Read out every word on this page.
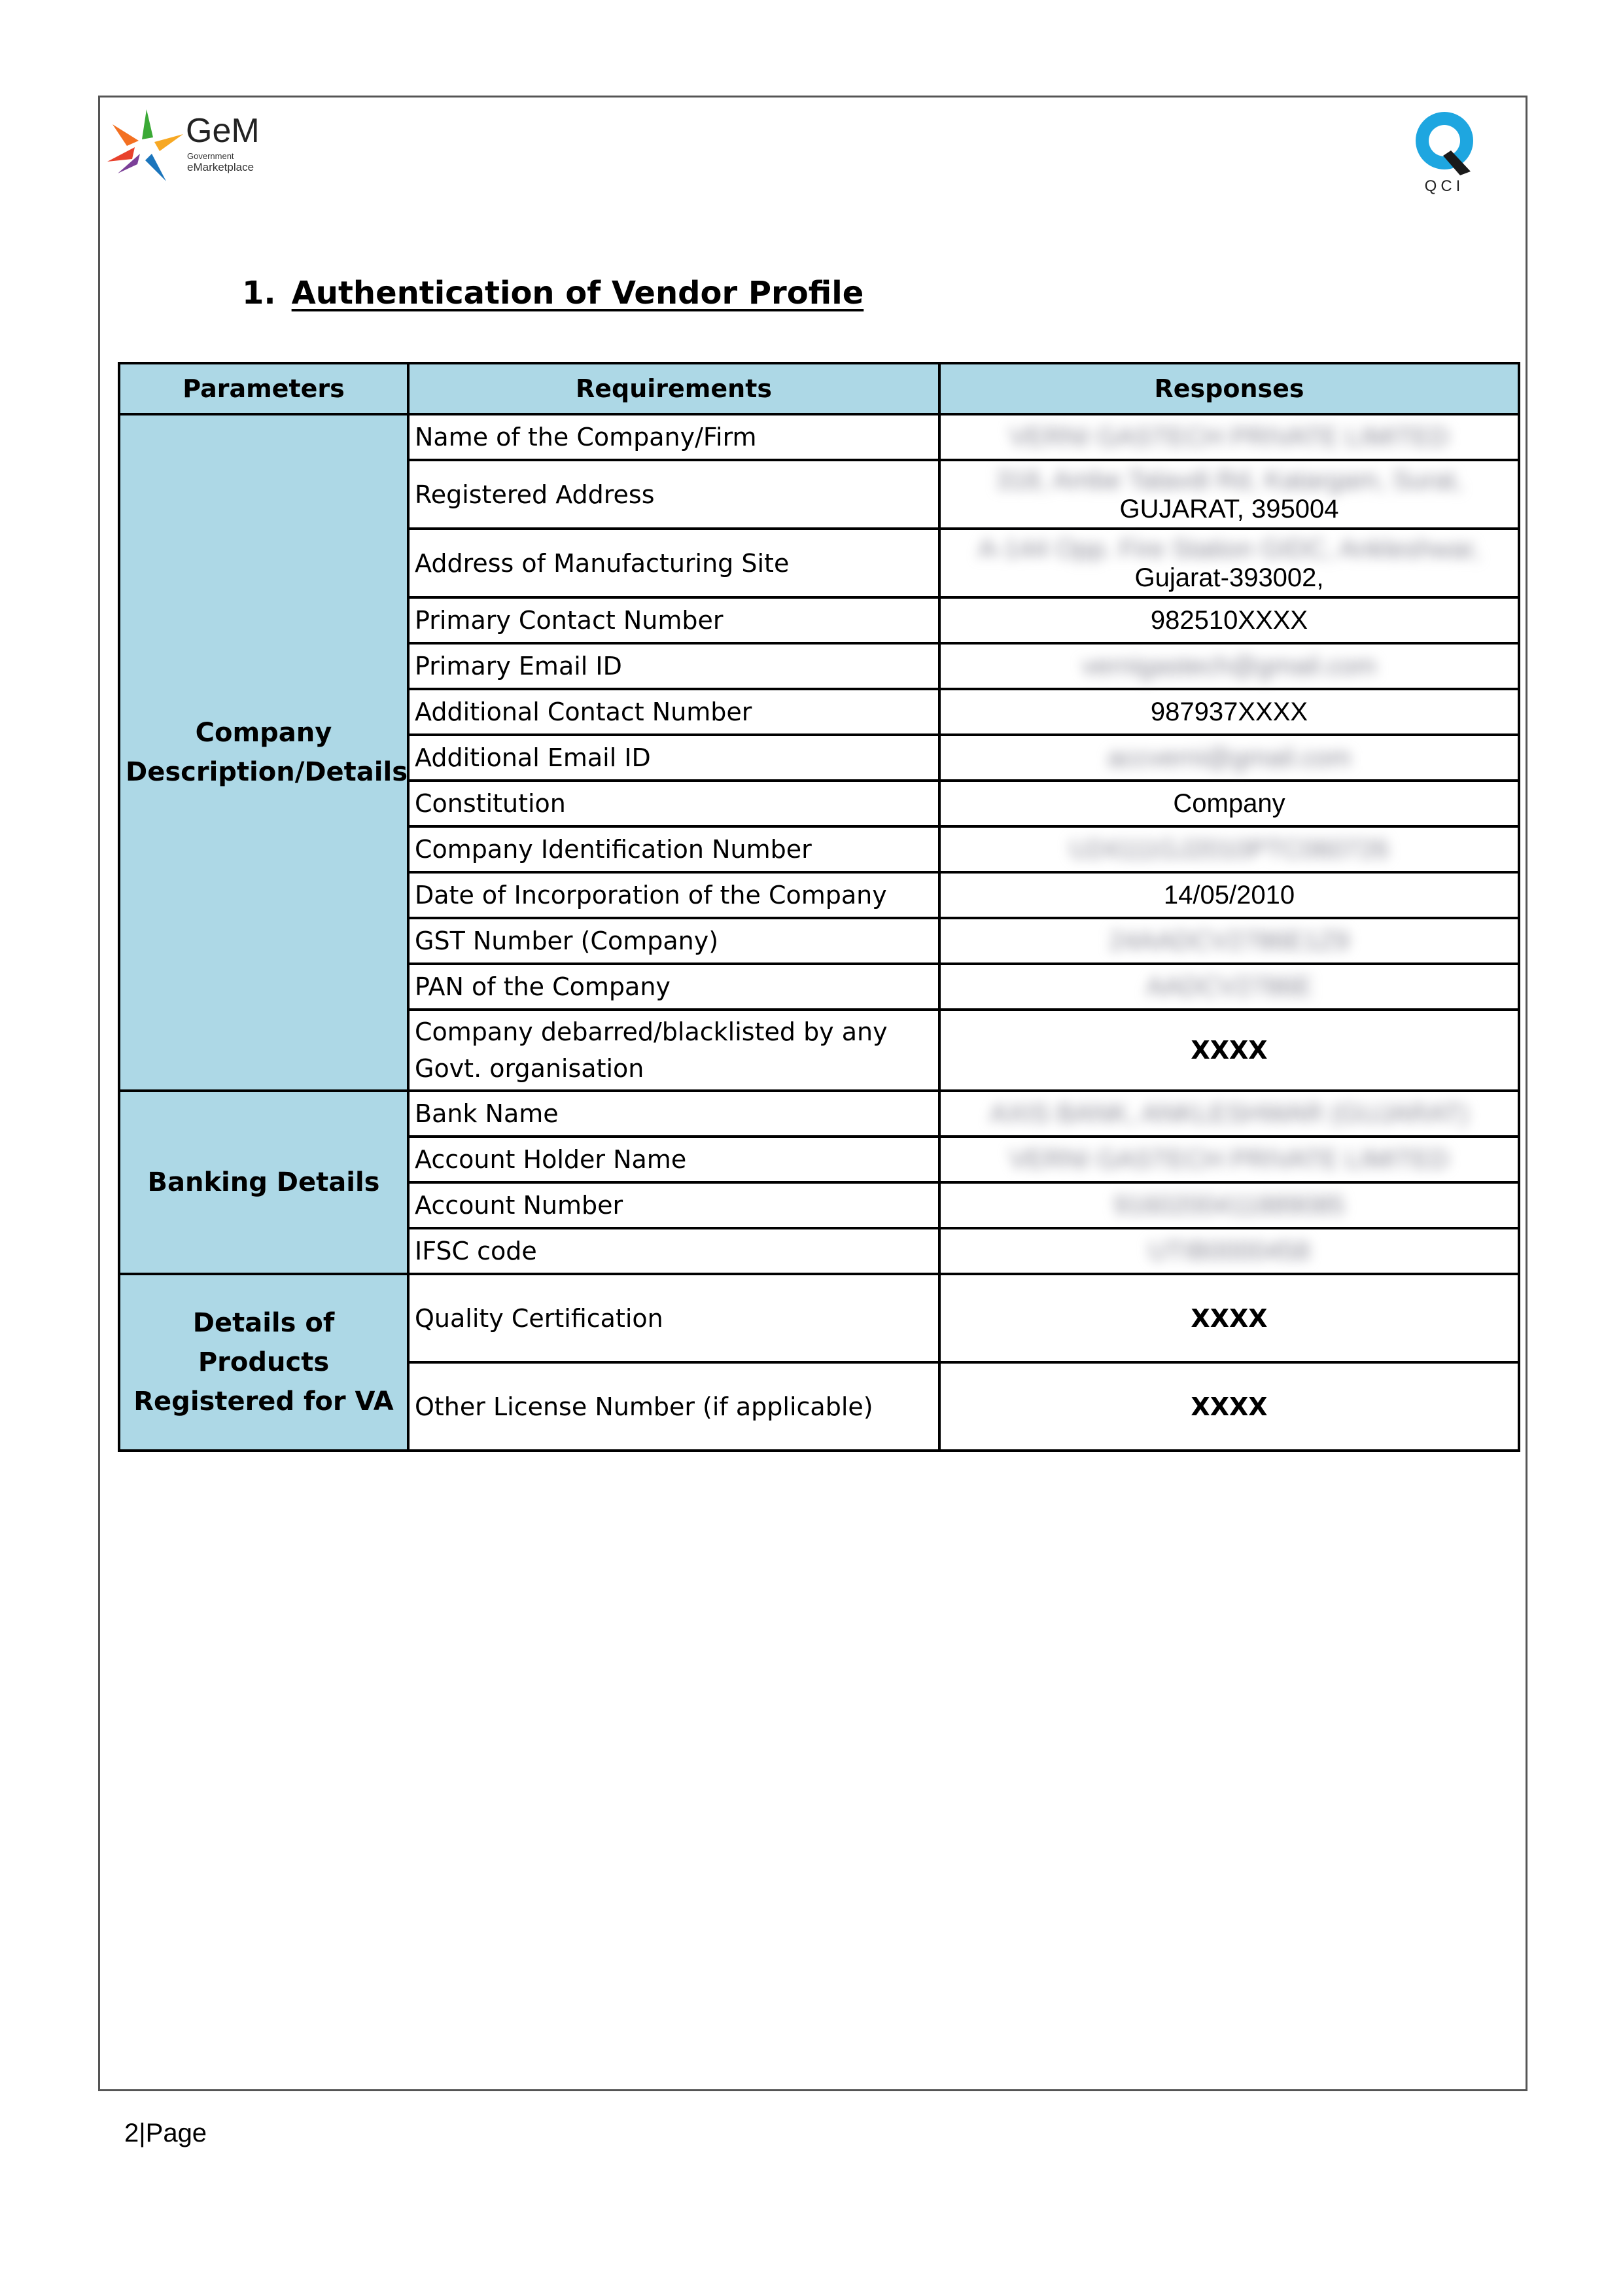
GeM
Government
eMarketplace
QCI
1. Authentication of Vendor Profile
Parameters	Requirements	Responses
Company Description/Details	Name of the Company/Firm	VERNI GASTECH PRIVATE LIMITED
	Registered Address	318, Ambe Talavdi Rd, Katargam, Surat,
GUJARAT, 395004
	Address of Manufacturing Site	A-144 Opp. Fire Station GIDC, Ankleshwar,
Gujarat-393002,
	Primary Contact Number	982510XXXX
	Primary Email ID	vernigastech@gmail.com
	Additional Contact Number	987937XXXX
	Additional Email ID	accverni@gmail.com
	Constitution	Company
	Company Identification Number	U24111GJ2010PTC060726
	Date of Incorporation of the Company	14/05/2010
	GST Number (Company)	24AADCV2786E1Z9
	PAN of the Company	AADCV2786E
	Company debarred/blacklisted by any Govt. organisation	XXXX
Banking Details	Bank Name	AXIS BANK, ANKLESHWAR (GUJARAT)
	Account Holder Name	VERNI GASTECH PRIVATE LIMITED
	Account Number	9160200411889085
	IFSC code	UTIB0000458
Details of Products Registered for VA	Quality Certification	XXXX
	Other License Number (if applicable)	XXXX
2|Page
